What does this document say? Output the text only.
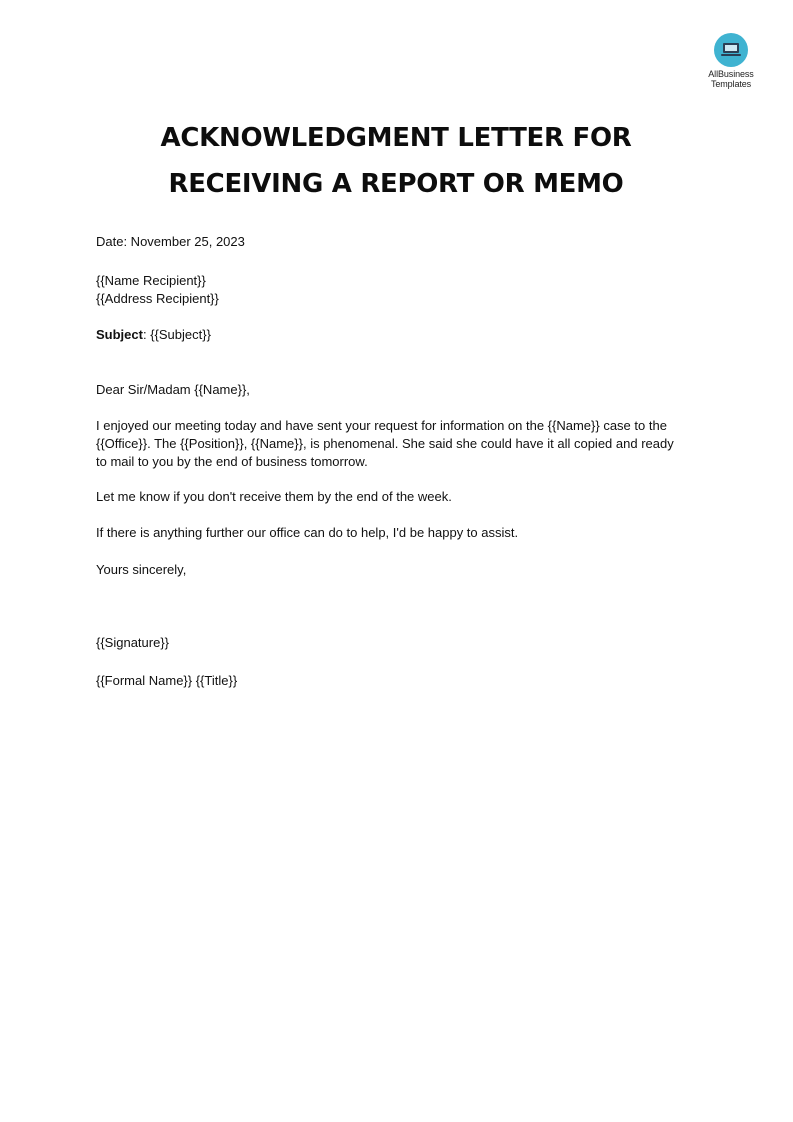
AllBusiness
Templates
ACKNOWLEDGMENT LETTER FOR
RECEIVING A REPORT OR MEMO
Date: November 25, 2023
{{Name Recipient}}
{{Address Recipient}}
Subject: {{Subject}}
Dear Sir/Madam {{Name}},
I enjoyed our meeting today and have sent your request for information on the {{Name}} case to the
{{Office}}. The {{Position}}, {{Name}}, is phenomenal. She said she could have it all copied and ready
to mail to you by the end of business tomorrow.
Let me know if you don't receive them by the end of the week.
If there is anything further our office can do to help, I'd be happy to assist.
Yours sincerely,
{{Signature}}
{{Formal Name}} {{Title}}
